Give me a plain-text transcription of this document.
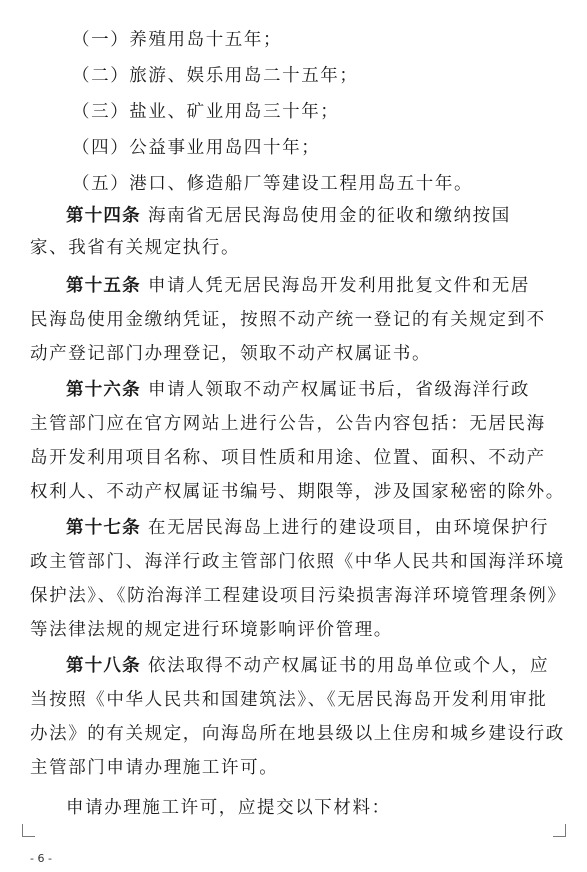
（一）养殖用岛十五年；
（二）旅游、娱乐用岛二十五年；
（三）盐业、矿业用岛三十年；
（四）公益事业用岛四十年；
（五）港口、修造船厂等建设工程用岛五十年。
第十四条 海南省无居民海岛使用金的征收和缴纳按国
家、我省有关规定执行。
第十五条 申请人凭无居民海岛开发利用批复文件和无居
民海岛使用金缴纳凭证，按照不动产统一登记的有关规定到不
动产登记部门办理登记，领取不动产权属证书。
第十六条 申请人领取不动产权属证书后，省级海洋行政
主管部门应在官方网站上进行公告，公告内容包括：无居民海
岛开发利用项目名称、项目性质和用途、位置、面积、不动产
权利人、不动产权属证书编号、期限等，涉及国家秘密的除外。
第十七条 在无居民海岛上进行的建设项目，由环境保护行
政主管部门、海洋行政主管部门依照《中华人民共和国海洋环境
保护法》、《防治海洋工程建设项目污染损害海洋环境管理条例》
等法律法规的规定进行环境影响评价管理。
第十八条 依法取得不动产权属证书的用岛单位或个人，应
当按照《中华人民共和国建筑法》、《无居民海岛开发利用审批
办法》的有关规定，向海岛所在地县级以上住房和城乡建设行政
主管部门申请办理施工许可。
申请办理施工许可，应提交以下材料：
- 6 -
